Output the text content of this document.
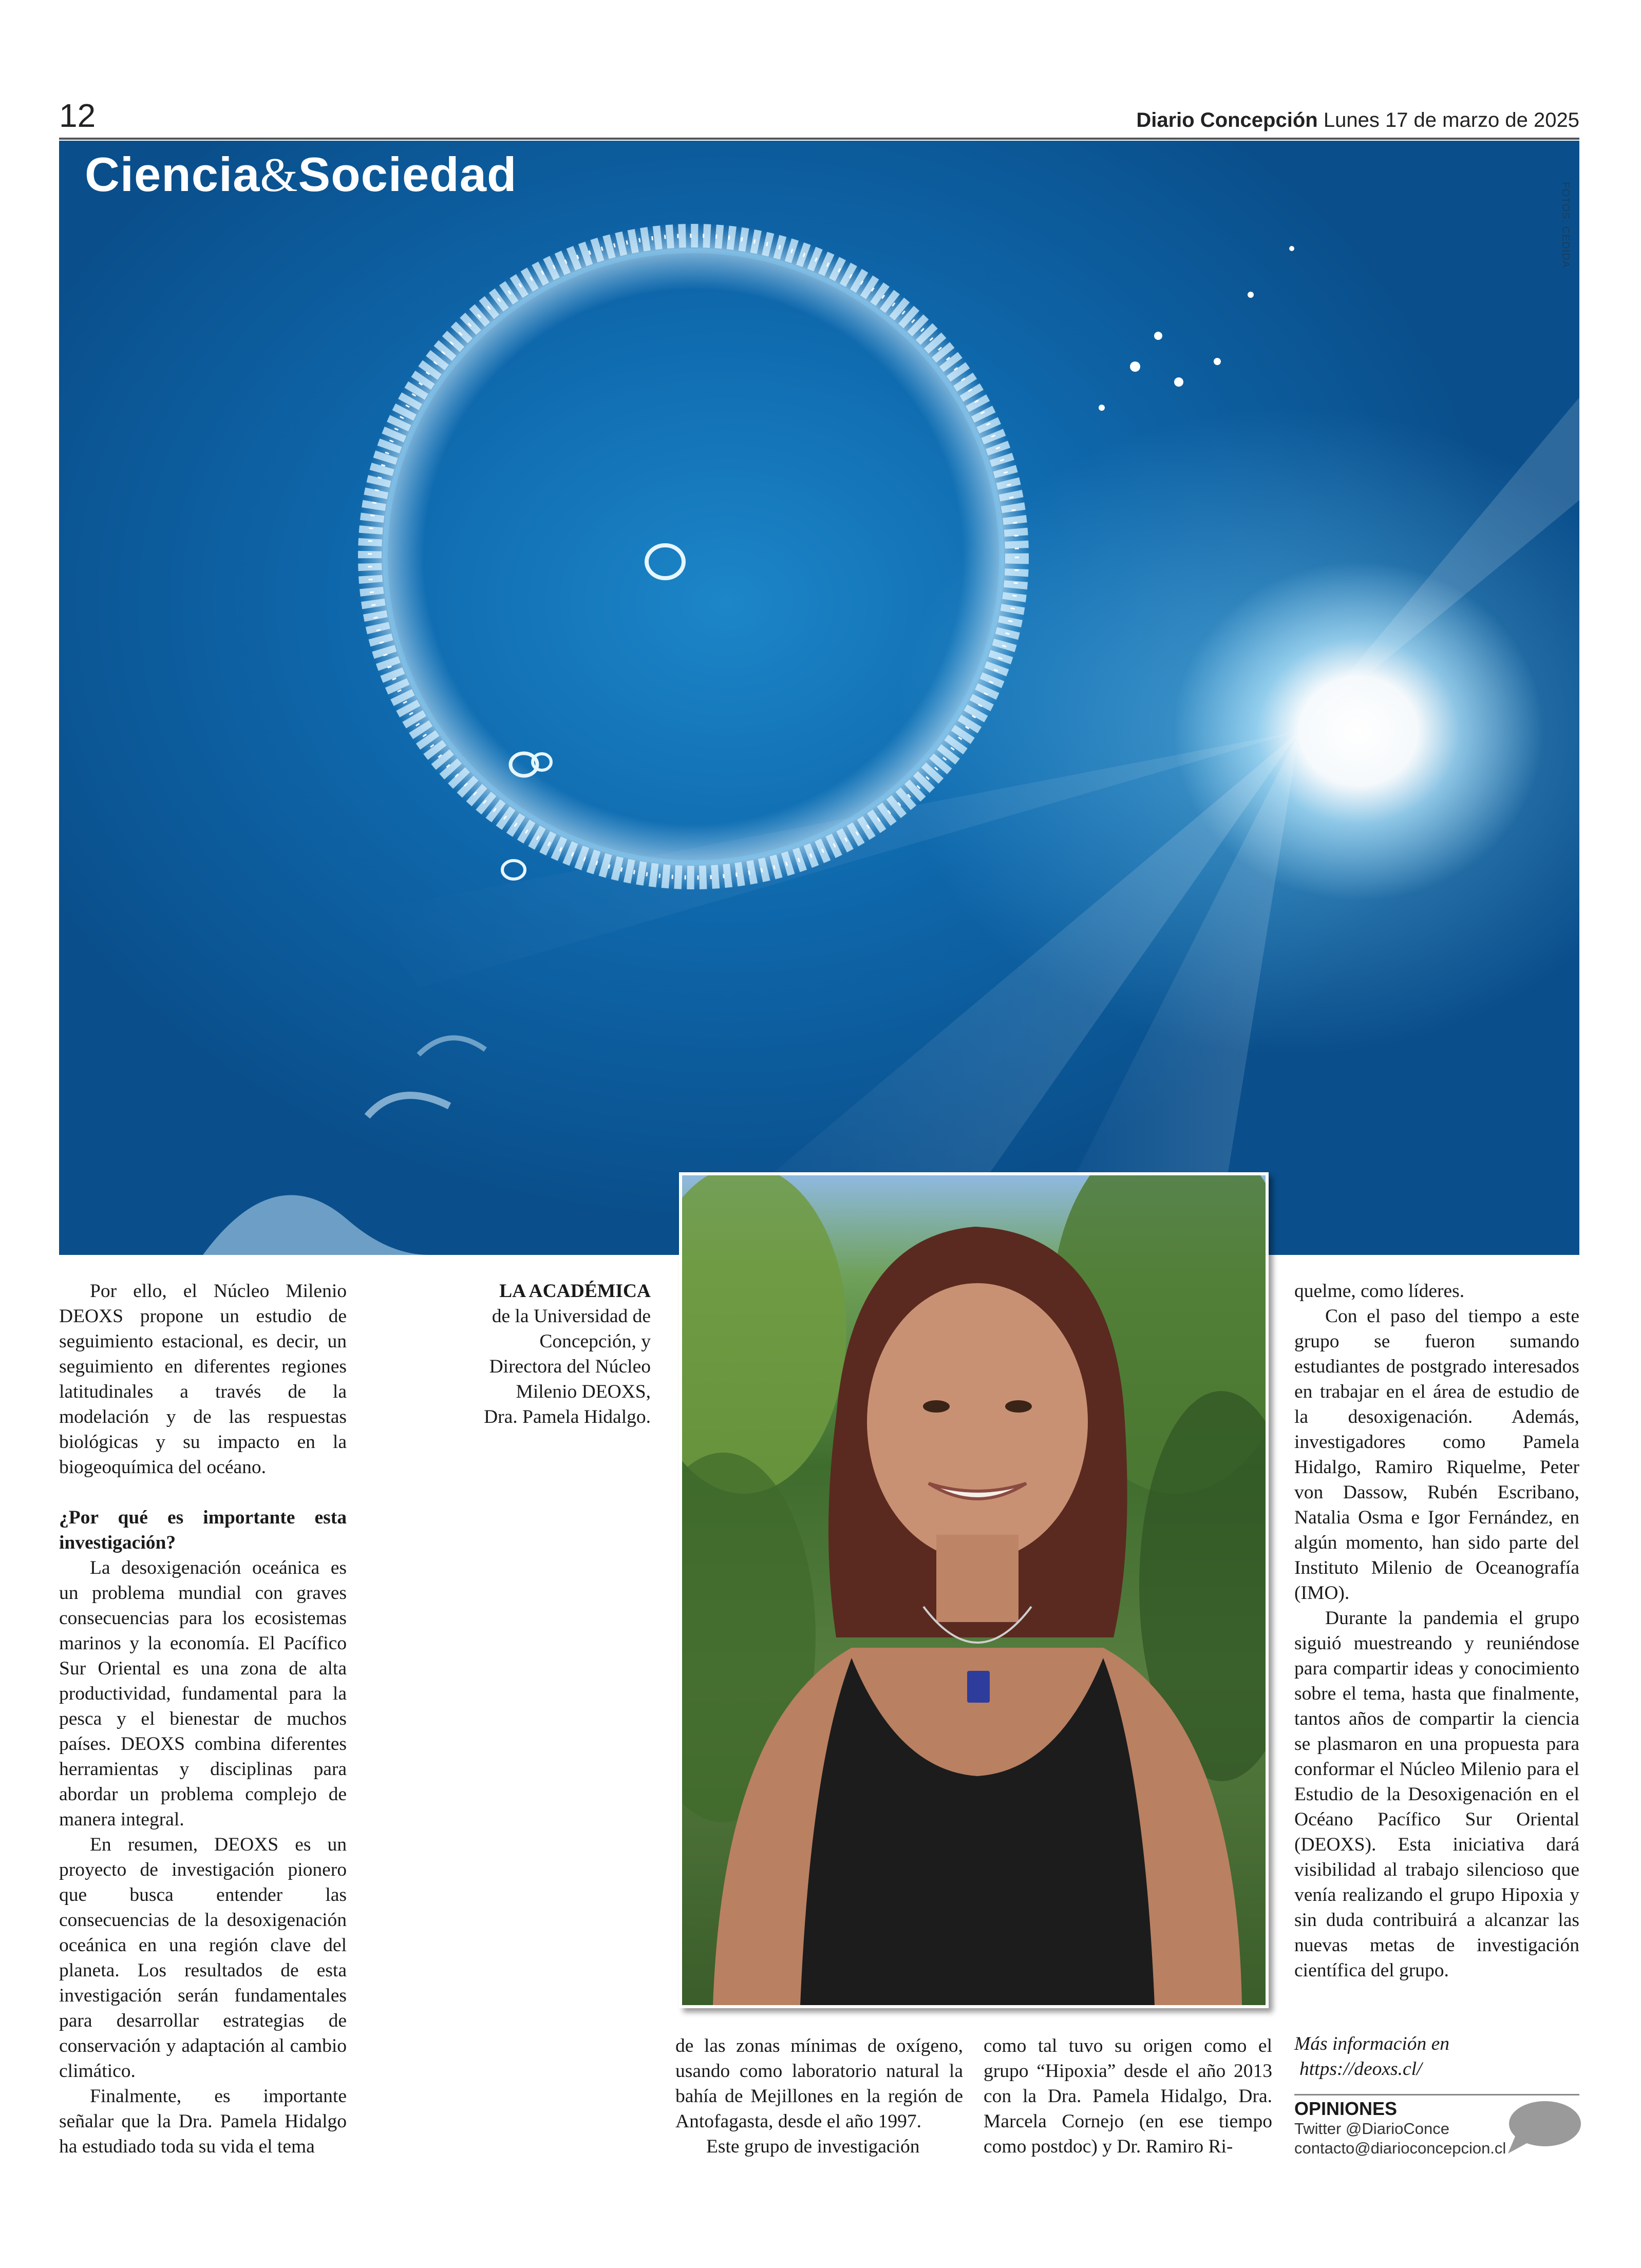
12	Diario Concepción Lunes 17 de marzo de 2025
Ciencia&Sociedad
FOTOS: CEDIDA

Por ello, el Núcleo Milenio DEOXS propone un estudio de seguimiento estacional, es decir, un seguimiento en diferentes regiones latitudinales a través de la modelación y de las respuestas biológicas y su impacto en la biogeoquímica del océano.

¿Por qué es importante esta investigación?

La desoxigenación oceánica es un problema mundial con graves consecuencias para los ecosistemas marinos y la economía. El Pacífico Sur Oriental es una zona de alta productividad, fundamental para la pesca y el bienestar de muchos países. DEOXS combina diferentes herramientas y disciplinas para abordar un problema complejo de manera integral.

En resumen, DEOXS es un proyecto de investigación pionero que busca entender las consecuencias de la desoxigenación oceánica en una región clave del planeta. Los resultados de esta investigación serán fundamentales para desarrollar estrategias de conservación y adaptación al cambio climático.

Finalmente, es importante señalar que la Dra. Pamela Hidalgo ha estudiado toda su vida el tema

LA ACADÉMICA de la Universidad de Concepción, y Directora del Núcleo Milenio DEOXS, Dra. Pamela Hidalgo.

de las zonas mínimas de oxígeno, usando como laboratorio natural la bahía de Mejillones en la región de Antofagasta, desde el año 1997.

Este grupo de investigación

como tal tuvo su origen como el grupo “Hipoxia” desde el año 2013 con la Dra. Pamela Hidalgo, Dra. Marcela Cornejo (en ese tiempo como postdoc) y Dr. Ramiro Ri-

quelme, como líderes.

Con el paso del tiempo a este grupo se fueron sumando estudiantes de postgrado interesados en trabajar en el área de estudio de la desoxigenación. Además, investigadores como Pamela Hidalgo, Ramiro Riquelme, Peter von Dassow, Rubén Escribano, Natalia Osma e Igor Fernández, en algún momento, han sido parte del Instituto Milenio de Oceanografía (IMO).

Durante la pandemia el grupo siguió muestreando y reuniéndose para compartir ideas y conocimiento sobre el tema, hasta que finalmente, tantos años de compartir la ciencia se plasmaron en una propuesta para conformar el Núcleo Milenio para el Estudio de la Desoxigenación en el Océano Pacífico Sur Oriental (DEOXS). Esta iniciativa dará visibilidad al trabajo silencioso que venía realizando el grupo Hipoxia y sin duda contribuirá a alcanzar las nuevas metas de investigación científica del grupo.

Más información en
https://deoxs.cl/
OPINIONES
Twitter @DiarioConce
contacto@diarioconcepcion.cl
